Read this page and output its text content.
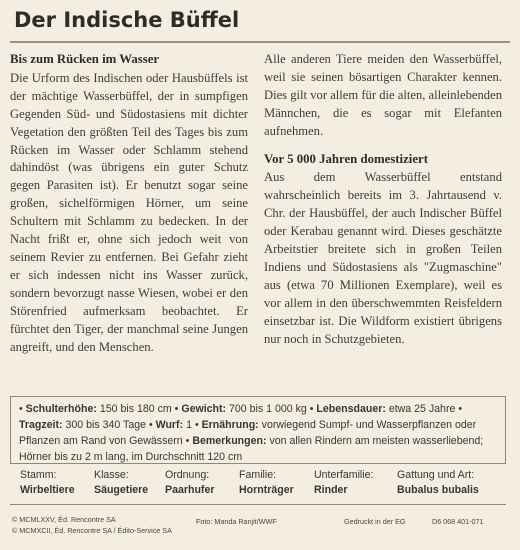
Der Indische Büffel
Bis zum Rücken im Wasser

Die Urform des Indischen oder Hausbüffels ist der mächtige Wasserbüffel, der in sumpfigen Gegenden Süd- und Südostasiens mit dichter Vegetation den größten Teil des Tages bis zum Rücken im Wasser oder Schlamm stehend dahindöst (was übrigens ein guter Schutz gegen Parasiten ist). Er benutzt sogar seine großen, sichelförmigen Hörner, um seine Schultern mit Schlamm zu bedecken. In der Nacht frißt er, ohne sich jedoch weit von seinem Revier zu entfernen. Bei Gefahr zieht er sich indessen nicht ins Wasser zurück, sondern bevorzugt nasse Wiesen, wobei er den Störenfried aufmerksam beobachtet. Er fürchtet den Tiger, der manchmal seine Jungen angreift, und den Menschen.

Alle anderen Tiere meiden den Wasserbüffel, weil sie seinen bösartigen Charakter kennen. Dies gilt vor allem für die alten, alleinlebenden Männchen, die es sogar mit Elefanten aufnehmen.

Vor 5 000 Jahren domestiziert

Aus dem Wasserbüffel entstand wahrscheinlich bereits im 3. Jahrtausend v. Chr. der Hausbüffel, der auch Indischer Büffel oder Kerabau genannt wird. Dieses geschätzte Arbeitstier breitete sich in großen Teilen Indiens und Südostasiens als "Zugmaschine" aus (etwa 70 Millionen Exemplare), weil es vor allem in den überschwemmten Reisfeldern einsetzbar ist. Die Wildform existiert übrigens nur noch in Schutzgebieten.

• Schulterhöhe: 150 bis 180 cm • Gewicht: 700 bis 1 000 kg • Lebensdauer: etwa 25 Jahre • Tragzeit: 300 bis 340 Tage • Wurf: 1 • Ernährung: vorwiegend Sumpf- und Wasserpflanzen oder Pflanzen am Rand von Gewässern • Bemerkungen: von allen Rindern am meisten wasserliebend; Hörner bis zu 2 m lang, im Durchschnitt 120 cm
Stamm:
Wirbeltiere
Klasse:
Säugetiere
Ordnung:
Paarhufer
Familie:
Hornträger
Unterfamilie:
Rinder
Gattung und Art:
Bubalus bubalis
© MCMLXXV, Éd. Rencontre SA
© MCMXCII, Éd. Rencontre SA / Édito-Service SA
Foto: Manda Ranjit/WWF	Gedruckt in der EG	D6 068 401-071
